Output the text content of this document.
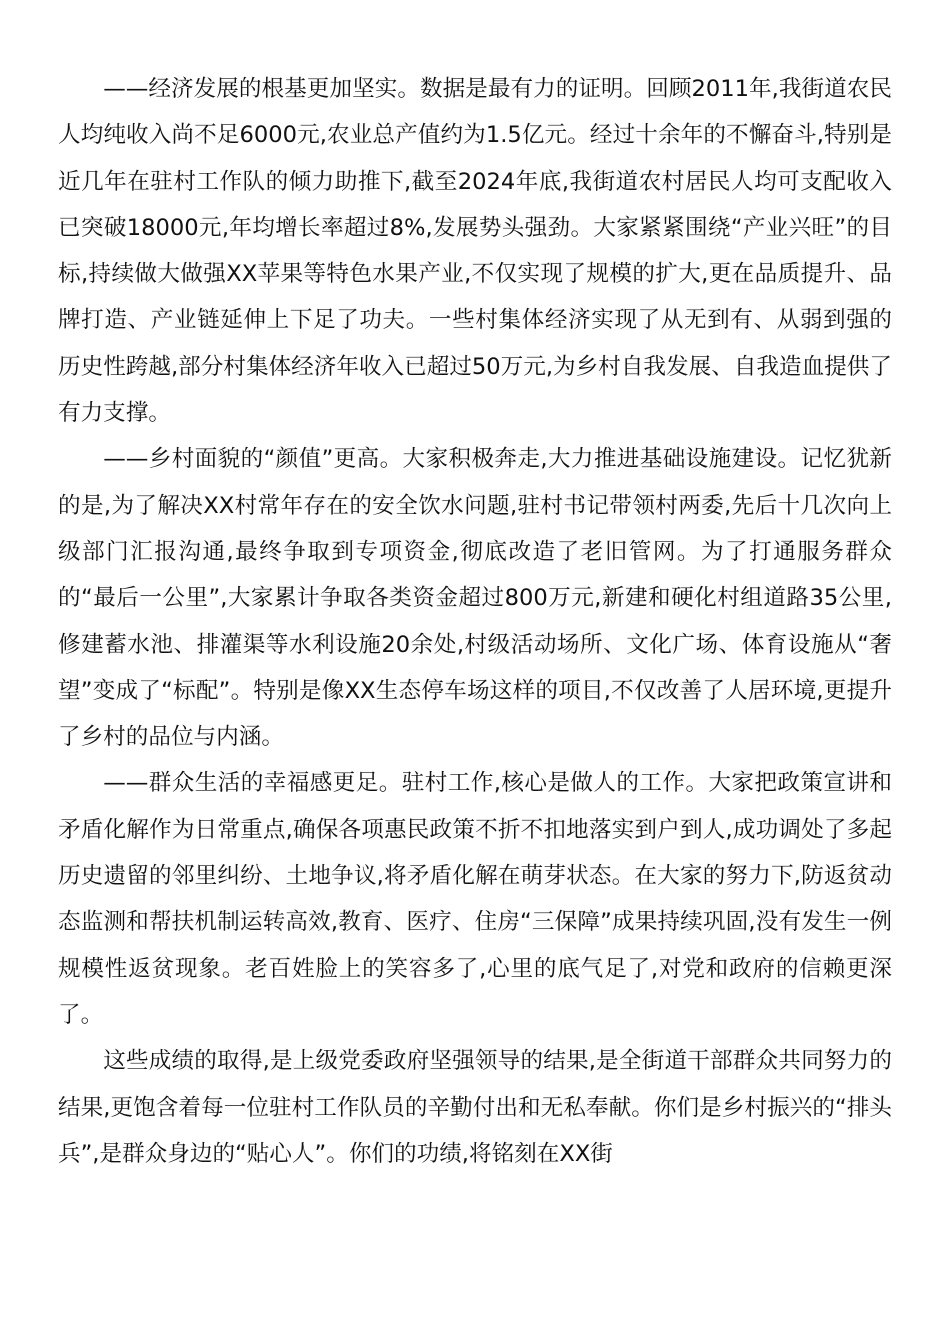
——经济发展的根基更加坚实。数据是最有力的证明。回顾2011年,我街道农民人均纯收入尚不足6000元,农业总产值约为1.5亿元。经过十余年的不懈奋斗,特别是近几年在驻村工作队的倾力助推下,截至2024年底,我街道农村居民人均可支配收入已突破18000元,年均增长率超过8%,发展势头强劲。大家紧紧围绕“产业兴旺”的目标,持续做大做强XX苹果等特色水果产业,不仅实现了规模的扩大,更在品质提升、品牌打造、产业链延伸上下足了功夫。一些村集体经济实现了从无到有、从弱到强的历史性跨越,部分村集体经济年收入已超过50万元,为乡村自我发展、自我造血提供了有力支撑。

——乡村面貌的“颜值”更高。大家积极奔走,大力推进基础设施建设。记忆犹新的是,为了解决XX村常年存在的安全饮水问题,驻村书记带领村两委,先后十几次向上级部门汇报沟通,最终争取到专项资金,彻底改造了老旧管网。为了打通服务群众的“最后一公里”,大家累计争取各类资金超过800万元,新建和硬化村组道路35公里,修建蓄水池、排灌渠等水利设施20余处,村级活动场所、文化广场、体育设施从“奢望”变成了“标配”。特别是像XX生态停车场这样的项目,不仅改善了人居环境,更提升了乡村的品位与内涵。

——群众生活的幸福感更足。驻村工作,核心是做人的工作。大家把政策宣讲和矛盾化解作为日常重点,确保各项惠民政策不折不扣地落实到户到人,成功调处了多起历史遗留的邻里纠纷、土地争议,将矛盾化解在萌芽状态。在大家的努力下,防返贫动态监测和帮扶机制运转高效,教育、医疗、住房“三保障”成果持续巩固,没有发生一例规模性返贫现象。老百姓脸上的笑容多了,心里的底气足了,对党和政府的信赖更深了。

这些成绩的取得,是上级党委政府坚强领导的结果,是全街道干部群众共同努力的结果,更饱含着每一位驻村工作队员的辛勤付出和无私奉献。你们是乡村振兴的“排头兵”,是群众身边的“贴心人”。你们的功绩,将铭刻在XX街
